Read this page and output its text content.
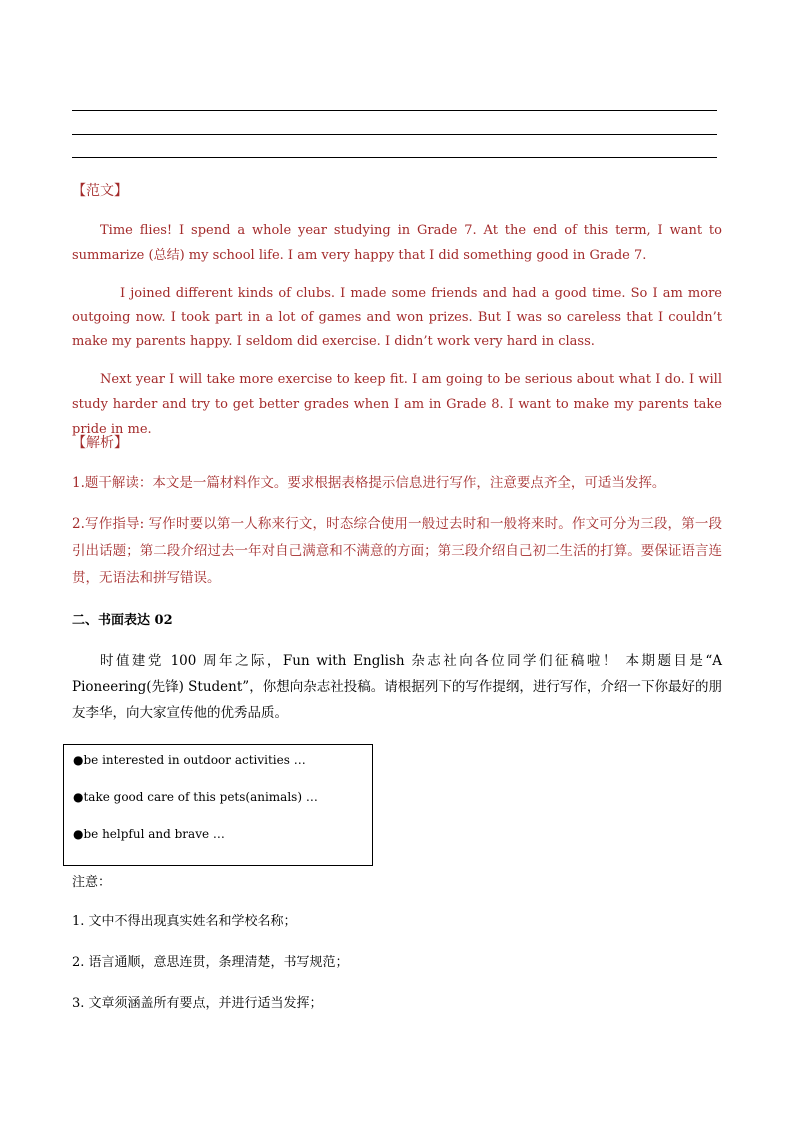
【范文】
Time flies! I spend a whole year studying in Grade 7. At the end of this term, I want to summarize (总结) my school life. I am very happy that I did something good in Grade 7.
I joined different kinds of clubs. I made some friends and had a good time. So I am more outgoing now. I took part in a lot of games and won prizes. But I was so careless that I couldn’t make my parents happy. I seldom did exercise. I didn’t work very hard in class.
Next year I will take more exercise to keep fit. I am going to be serious about what I do. I will study harder and try to get better grades when I am in Grade 8. I want to make my parents take pride in me.
【解析】
1.题干解读：本文是一篇材料作文。要求根据表格提示信息进行写作，注意要点齐全，可适当发挥。
2.写作指导: 写作时要以第一人称来行文，时态综合使用一般过去时和一般将来时。作文可分为三段，第一段引出话题；第二段介绍过去一年对自己满意和不满意的方面；第三段介绍自己初二生活的打算。要保证语言连贯，无语法和拼写错误。
二、书面表达 02
时值建党 100 周年之际，Fun with English 杂志社向各位同学们征稿啦！ 本期题目是“A Pioneering(先锋) Student”，你想向杂志社投稿。请根据列下的写作提纲，进行写作，介绍一下你最好的朋友李华，向大家宣传他的优秀品质。
●be interested in outdoor activities …
●take good care of this pets(animals) …
●be helpful and brave …
注意：
1. 文中不得出现真实姓名和学校名称；
2. 语言通顺，意思连贯，条理清楚，书写规范；
3. 文章须涵盖所有要点，并进行适当发挥；
